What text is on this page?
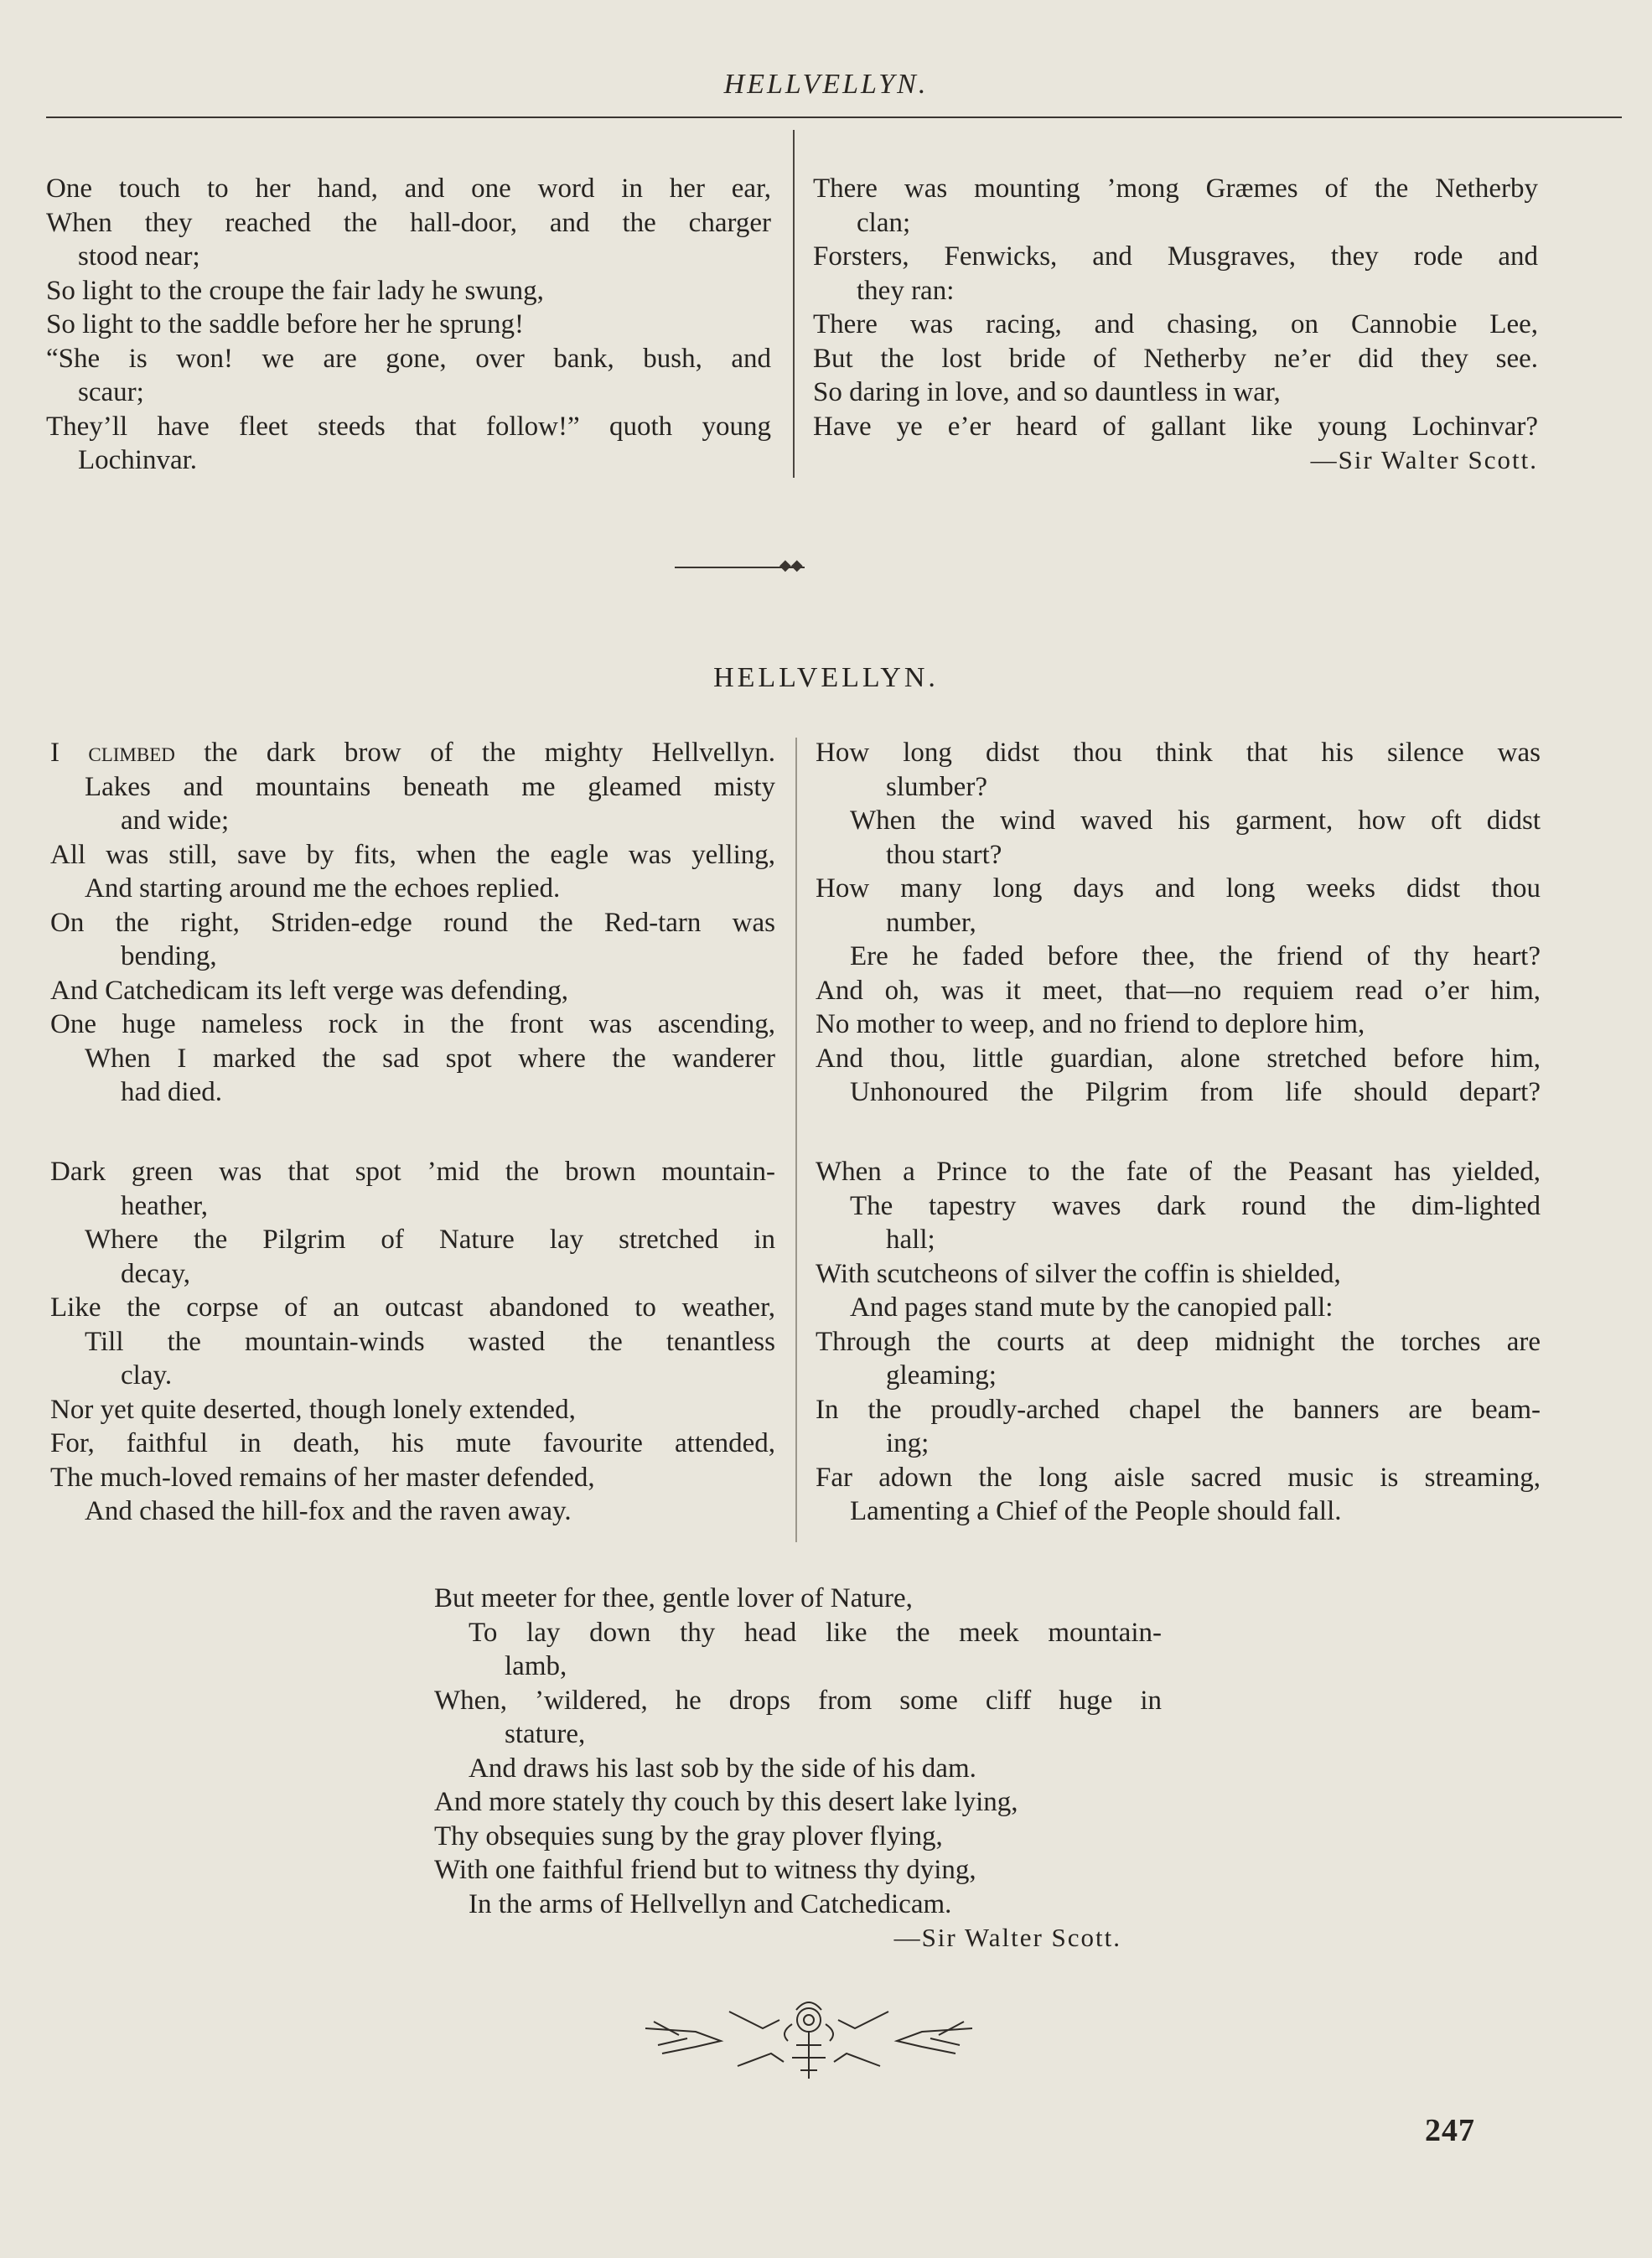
HELLVELLYN.
One touch to her hand, and one word in her ear,
When they reached the hall-door, and the charger
stood near;
So light to the croupe the fair lady he swung,
So light to the saddle before her he sprung!
“She is won! we are gone, over bank, bush, and
scaur;
They’ll have fleet steeds that follow!” quoth young
Lochinvar.
There was mounting ’mong Græmes of the Netherby
clan;
Forsters, Fenwicks, and Musgraves, they rode and
they ran:
There was racing, and chasing, on Cannobie Lee,
But the lost bride of Netherby ne’er did they see.
So daring in love, and so dauntless in war,
Have ye e’er heard of gallant like young Lochinvar?
—Sir Walter Scott.
◆◆
HELLVELLYN.
I climbed the dark brow of the mighty Hellvellyn.
Lakes and mountains beneath me gleamed misty
and wide;
All was still, save by fits, when the eagle was yelling,
And starting around me the echoes replied.
On the right, Striden-edge round the Red-tarn was
bending,
And Catchedicam its left verge was defending,
One huge nameless rock in the front was ascending,
When I marked the sad spot where the wanderer
had died.
Dark green was that spot ’mid the brown mountain-
heather,
Where the Pilgrim of Nature lay stretched in
decay,
Like the corpse of an outcast abandoned to weather,
Till the mountain-winds wasted the tenantless
clay.
Nor yet quite deserted, though lonely extended,
For, faithful in death, his mute favourite attended,
The much-loved remains of her master defended,
And chased the hill-fox and the raven away.
How long didst thou think that his silence was
slumber?
When the wind waved his garment, how oft didst
thou start?
How many long days and long weeks didst thou
number,
Ere he faded before thee, the friend of thy heart?
And oh, was it meet, that—no requiem read o’er him,
No mother to weep, and no friend to deplore him,
And thou, little guardian, alone stretched before him,
Unhonoured the Pilgrim from life should depart?
When a Prince to the fate of the Peasant has yielded,
The tapestry waves dark round the dim-lighted
hall;
With scutcheons of silver the coffin is shielded,
And pages stand mute by the canopied pall:
Through the courts at deep midnight the torches are
gleaming;
In the proudly-arched chapel the banners are beam-
ing;
Far adown the long aisle sacred music is streaming,
Lamenting a Chief of the People should fall.
But meeter for thee, gentle lover of Nature,
To lay down thy head like the meek mountain-
lamb,
When, ’wildered, he drops from some cliff huge in
stature,
And draws his last sob by the side of his dam.
And more stately thy couch by this desert lake lying,
Thy obsequies sung by the gray plover flying,
With one faithful friend but to witness thy dying,
In the arms of Hellvellyn and Catchedicam.
—Sir Walter Scott.
247
